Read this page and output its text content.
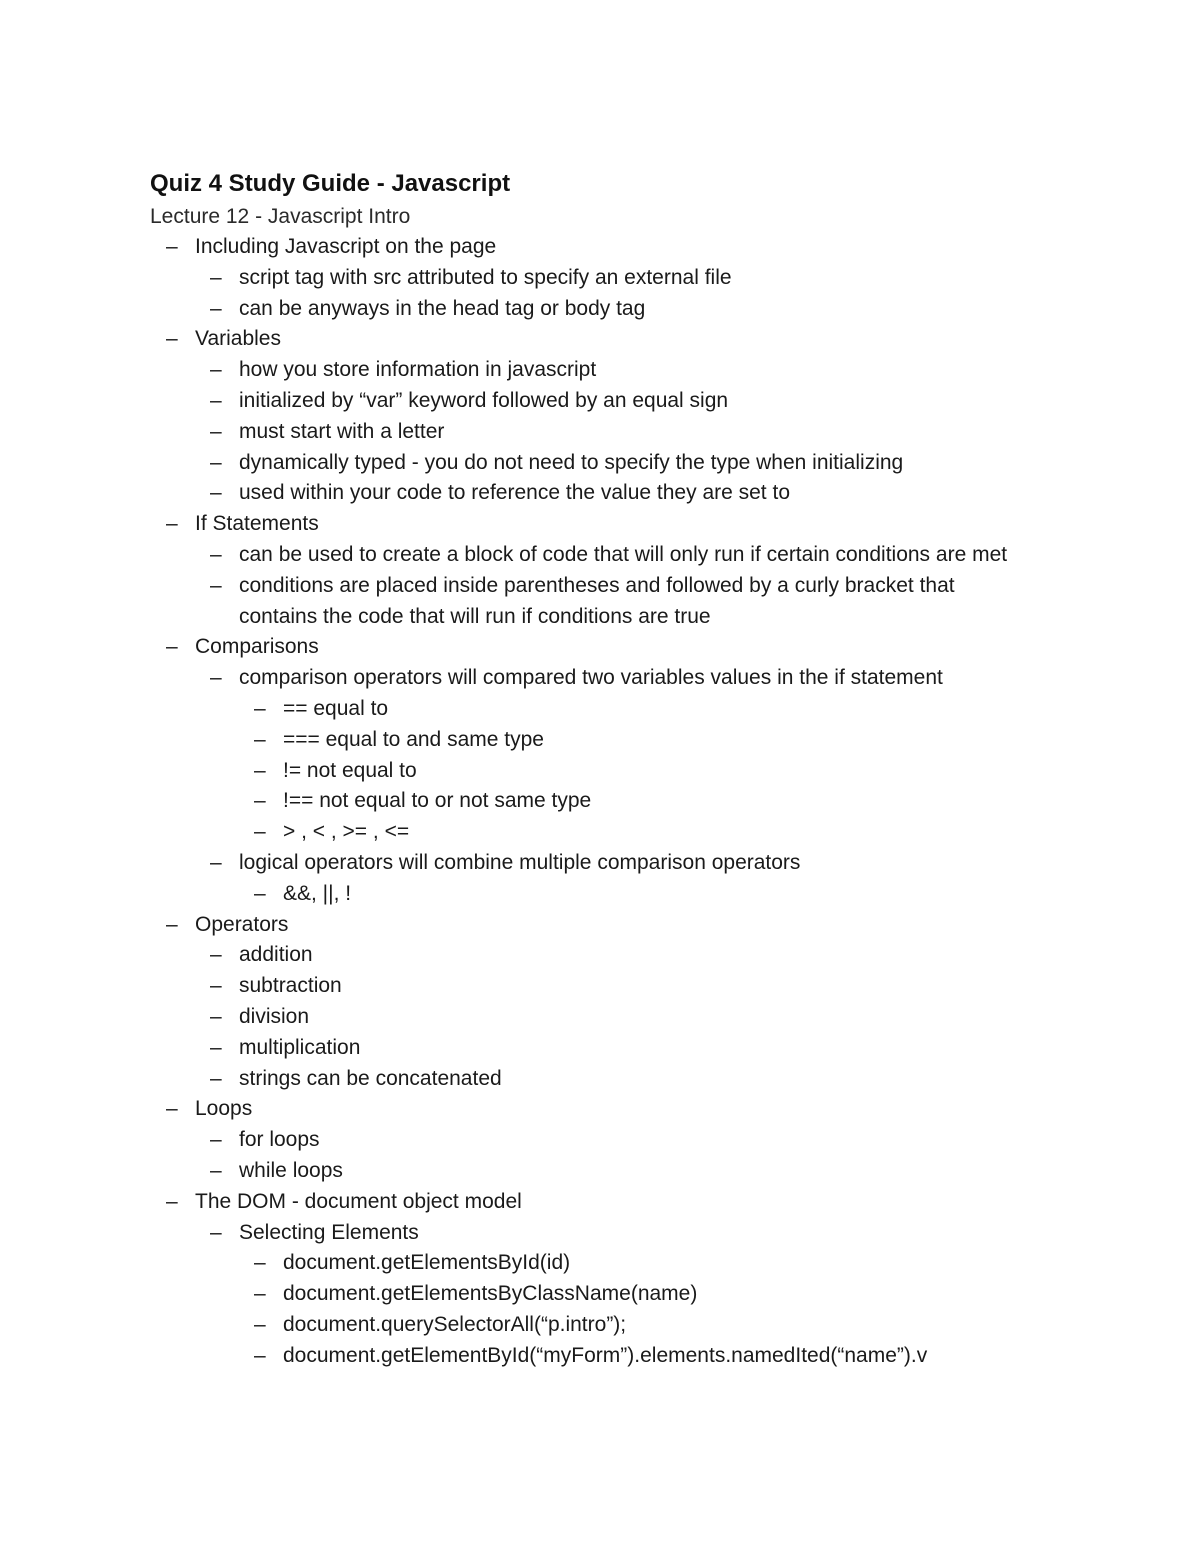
Quiz 4 Study Guide - Javascript

Lecture 12 - Javascript Intro

– Including Javascript on the page
– script tag with src attributed to specify an external file
– can be anyways in the head tag or body tag
– Variables
– how you store information in javascript
– initialized by “var” keyword followed by an equal sign
– must start with a letter
– dynamically typed - you do not need to specify the type when initializing
– used within your code to reference the value they are set to
– If Statements
– can be used to create a block of code that will only run if certain conditions are met
– conditions are placed inside parentheses and followed by a curly bracket that contains the code that will run if conditions are true
– Comparisons
– comparison operators will compared two variables values in the if statement
– == equal to
– === equal to and same type
– != not equal to
– !== not equal to or not same type
– > , < , >= , <=
– logical operators will combine multiple comparison operators
– &&, ||, !
– Operators
– addition
– subtraction
– division
– multiplication
– strings can be concatenated
– Loops
– for loops
– while loops
– The DOM - document object model
– Selecting Elements
– document.getElementsById(id)
– document.getElementsByClassName(name)
– document.querySelectorAll(“p.intro”);
– document.getElementById(“myForm”).elements.namedIted(“name”).v
